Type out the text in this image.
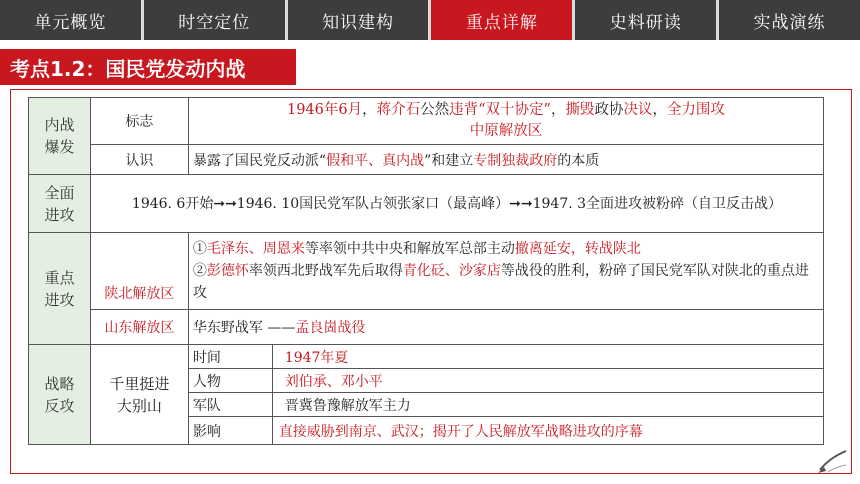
单元概览	时空定位	知识建构	重点详解	史料研读	实战演练
考点1.2：国民党发动内战
内战爆发	标志	1946年6月，蒋介石公然违背“双十协定”，撕毁政协决议，全力围攻
中原解放区	
	认识	暴露了国民党反动派“假和平、真内战”和建立专制独裁政府的本质	
全面进攻	1946. 6开始➞➞1946. 10国民党军队占领张家口（最高峰）➞➞1947. 3全面进攻被粉碎（自卫反击战）		
重点进攻	陕北解放区	①毛泽东、周恩来等率领中共中央和解放军总部主动撤离延安，转战陕北
②彭德怀率领西北野战军先后取得青化砭、沙家店等战役的胜利，粉碎了国民党军队对陕北的重点进攻	
	山东解放区	华东野战军 ——孟良崮战役	
战略反攻	千里挺进大别山	时间	1947年夏
		人物	刘伯承、邓小平
		军队	晋冀鲁豫解放军主力
		影响	直接威胁到南京、武汉；揭开了人民解放军战略进攻的序幕
